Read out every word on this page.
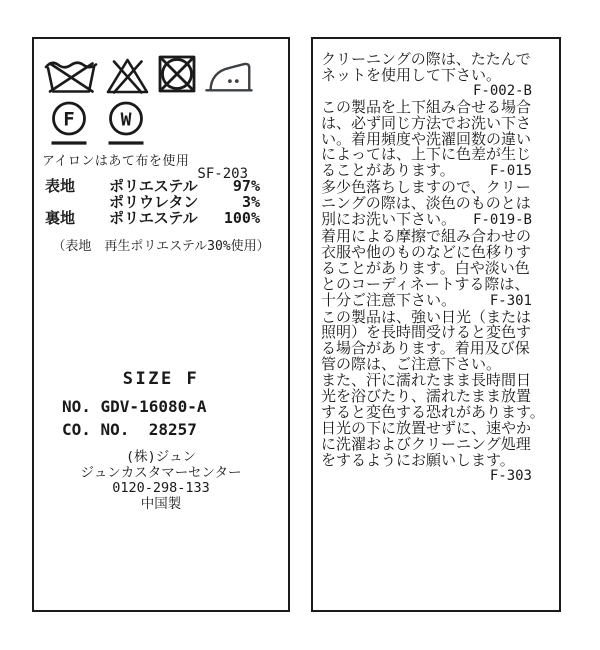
F	W
アイロンはあて布を使用
SF-203
表地	ポリエステル	97%
ポリウレタン	3%
裏地	ポリエステル	100%
（表地　再生ポリエステル30%使用）
SIZE F
NO. GDV-16080-A
CO. NO.  28257
(株)ジュン
ジュンカスタマーセンター
0120-298-133
中国製
クリーニングの際は、たたんで
ネットを使用して下さい。
F-002-B
この製品を上下組み合せる場合
は、必ず同じ方法でお洗い下さ
い。着用頻度や洗濯回数の違い
によっては、上下に色差が生じ
ることがあります。	F-015
多少色落ちしますので、クリー
ニングの際は、淡色のものとは
別にお洗い下さい。 F-019-B
着用による摩擦で組み合わせの
衣服や他のものなどに色移りす
ることがあります。白や淡い色
とのコーディネートする際は、
十分ご注意下さい。 F-301
この製品は、強い日光（または
照明）を長時間受けると変色す
る場合があります。着用及び保
管の際は、ご注意下さい。
また、汗に濡れたまま長時間日
光を浴びたり、濡れたまま放置
すると変色する恐れがあります。
日光の下に放置せずに、速やか
に洗濯およびクリーニング処理
をするようにお願いします。
F-303
